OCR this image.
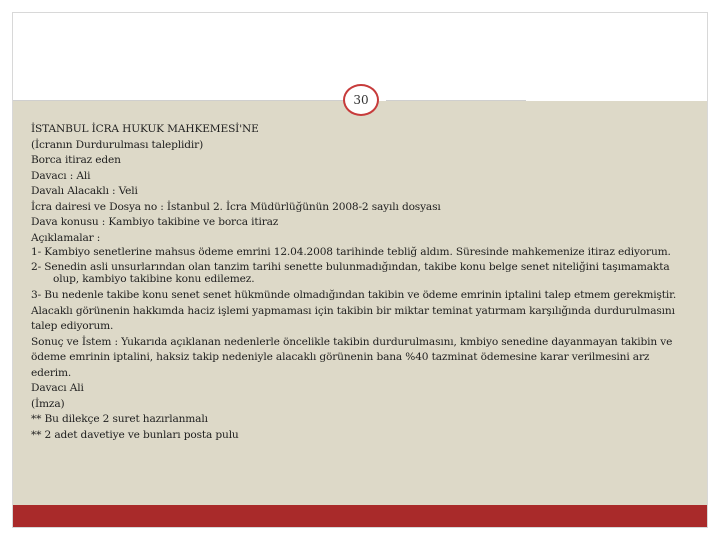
30
İSTANBUL İCRA HUKUK MAHKEMESİ'NE
(İcranın Durdurulması taleplidir)
Borca itiraz eden
Davacı : Ali
Davalı Alacaklı : Veli
İcra dairesi ve Dosya no : İstanbul 2. İcra Müdürlüğünün 2008-2 sayılı dosyası
Dava konusu : Kambiyo takibine ve borca itiraz
Açıklamalar :
1- Kambiyo senetlerine mahsus ödeme emrini 12.04.2008 tarihinde tebliğ aldım. Süresinde mahkemenize itiraz ediyorum.
2- Senedin asli unsurlarından olan tanzim tarihi senette bulunmadığından, takibe konu belge senet niteliğini taşımamakta olup, kambiyo takibine konu edilemez.
3- Bu nedenle takibe konu senet senet hükmünde olmadığından takibin ve ödeme emrinin iptalini talep etmem gerekmiştir. Alacaklı görünenin hakkımda haciz işlemi yapmaması için takibin bir miktar teminat yatırmam karşılığında durdurulmasını talep ediyorum.
Sonuç ve İstem : Yukarıda açıklanan nedenlerle öncelikle takibin durdurulmasını, kmbiyo senedine dayanmayan takibin ve ödeme emrinin iptalini, haksiz takip nedeniyle alacaklı görünenin bana %40 tazminat ödemesine karar verilmesini arz ederim.
Davacı Ali
(İmza)
** Bu dilekçe 2 suret hazırlanmalı
** 2 adet davetiye ve bunları posta pulu
